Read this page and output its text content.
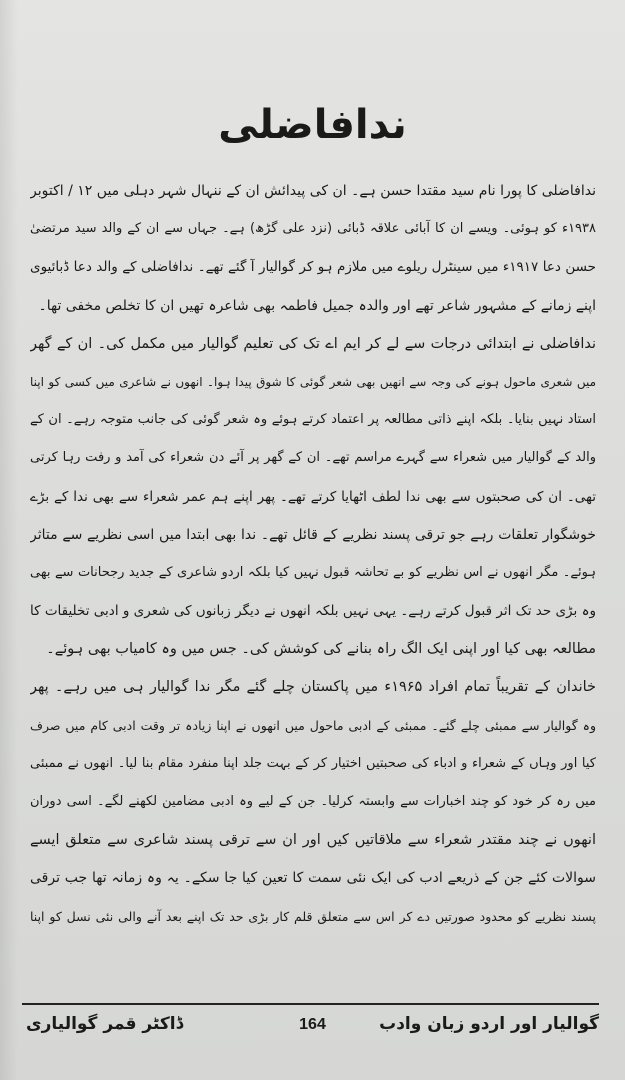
ندافاضلی
ندافاضلی کا پورا نام سید مقتدا حسن ہے۔ ان کی پیدائش ان کے ننہال شہر دہلی میں ۱۲ / اکتوبر
۱۹۳۸ء کو ہوئی۔ ویسے ان کا آبائی علاقہ ڈبائی (نزد علی گڑھ) ہے۔ جہاں سے ان کے والد سید مرتضیٰ
حسن دعا ۱۹۱۷ء میں سینٹرل ریلوے میں ملازم ہو کر گوالیار آ گئے تھے۔ ندافاضلی کے والد دعا ڈبائیوی
اپنے زمانے کے مشہور شاعر تھے اور والدہ جمیل فاطمہ بھی شاعرہ تھیں ان کا تخلص مخفی تھا۔
ندافاضلی نے ابتدائی درجات سے لے کر ایم اے تک کی تعلیم گوالیار میں مکمل کی۔ ان کے گھر
میں شعری ماحول ہونے کی وجہ سے انھیں بھی شعر گوئی کا شوق پیدا ہوا۔ انھوں نے شاعری میں کسی کو اپنا
استاد نہیں بنایا۔ بلکہ اپنے ذاتی مطالعہ پر اعتماد کرتے ہوئے وہ شعر گوئی کی جانب متوجہ رہے۔ ان کے
والد کے گوالیار میں شعراء سے گہرے مراسم تھے۔ ان کے گھر پر آئے دن شعراء کی آمد و رفت رہا کرتی
تھی۔ ان کی صحبتوں سے بھی ندا لطف اٹھایا کرتے تھے۔ پھر اپنے ہم عمر شعراء سے بھی ندا کے بڑے
خوشگوار تعلقات رہے جو ترقی پسند نظریے کے قائل تھے۔ ندا بھی ابتدا میں اسی نظریے سے متاثر
ہوئے۔ مگر انھوں نے اس نظریے کو بے تحاشہ قبول نہیں کیا بلکہ اردو شاعری کے جدید رجحانات سے بھی
وہ بڑی حد تک اثر قبول کرتے رہے۔ یہی نہیں بلکہ انھوں نے دیگر زبانوں کی شعری و ادبی تخلیقات کا
مطالعہ بھی کیا اور اپنی ایک الگ راہ بنانے کی کوشش کی۔ جس میں وہ کامیاب بھی ہوئے۔
خاندان کے تقریباً تمام افراد ۱۹۶۵ء میں پاکستان چلے گئے مگر ندا گوالیار ہی میں رہے۔ پھر
وہ گوالیار سے ممبئی چلے گئے۔ ممبئی کے ادبی ماحول میں انھوں نے اپنا زیادہ تر وقت ادبی کام میں صرف
کیا اور وہاں کے شعراء و ادباء کی صحبتیں اختیار کر کے بہت جلد اپنا منفرد مقام بنا لیا۔ انھوں نے ممبئی
میں رہ کر خود کو چند اخبارات سے وابستہ کرلیا۔ جن کے لیے وہ ادبی مضامین لکھنے لگے۔ اسی دوران
انھوں نے چند مقتدر شعراء سے ملاقاتیں کیں اور ان سے ترقی پسند شاعری سے متعلق ایسے
سوالات کئے جن کے ذریعے ادب کی ایک نئی سمت کا تعین کیا جا سکے۔ یہ وہ زمانہ تھا جب ترقی
پسند نظریے کو محدود صورتیں دے کر اس سے متعلق قلم کار بڑی حد تک اپنے بعد آنے والی نئی نسل کو اپنا
گوالیار اور اردو زبان وادب
164
ڈاکٹر قمر گوالیاری
